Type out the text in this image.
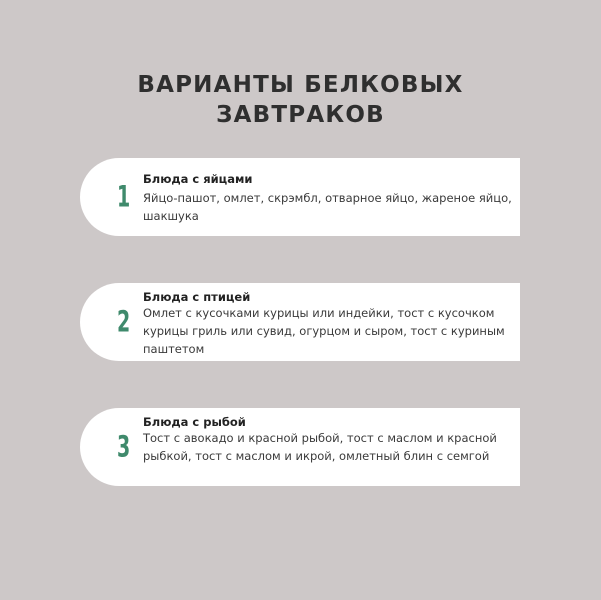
ВАРИАНТЫ БЕЛКОВЫХ
ЗАВТРАКОВ
1

Блюда с яйцами

Яйцо-пашот, омлет, скрэмбл, отварное яйцо, жареное яйцо, шакшука

2

Блюда с птицей

Омлет с кусочками курицы или индейки, тост с кусочком курицы гриль или сувид, огурцом и сыром, тост с куриным паштетом

3

Блюда с рыбой

Тост с авокадо и красной рыбой, тост с маслом и красной рыбкой, тост с маслом и икрой, омлетный блин с семгой
